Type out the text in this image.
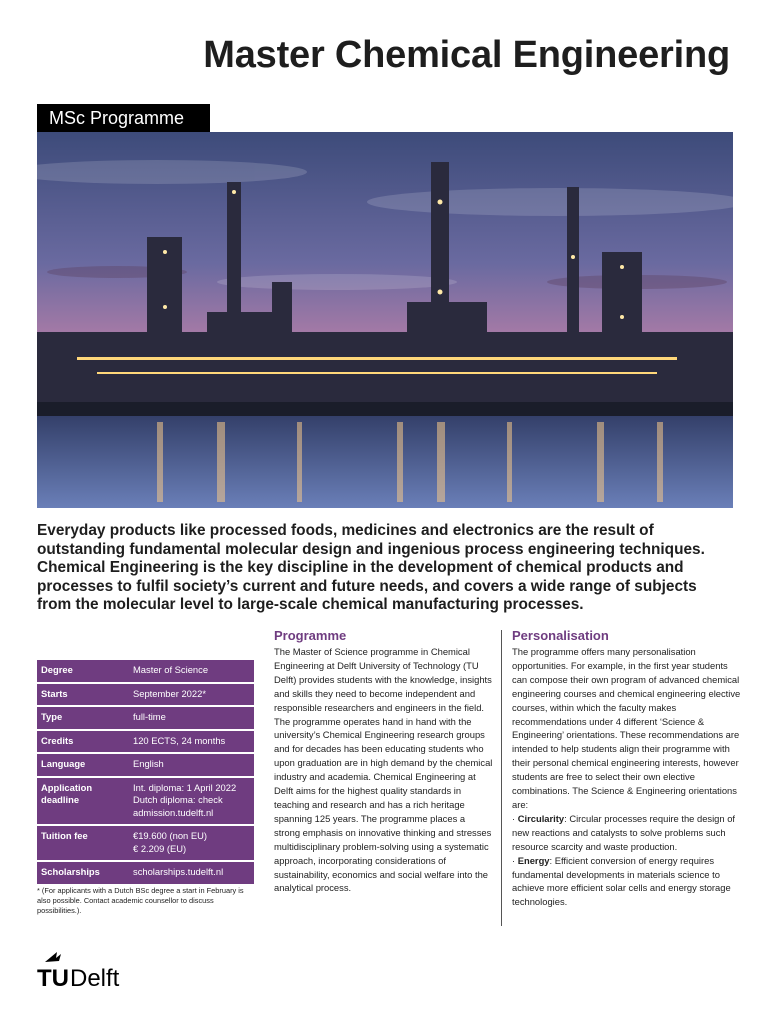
Master Chemical Engineering
MSc Programme

Everyday products like processed foods, medicines and electronics are the result of outstanding fundamental molecular design and ingenious process engineering techniques. Chemical Engineering is the key discipline in the development of chemical products and processes to fulfil society’s current and future needs, and covers a wide range of subjects from the molecular level to large-scale chemical manufacturing processes.

Degree	Master of Science
Starts	September 2022*
Type	full-time
Credits	120 ECTS, 24 months
Language	English
Application deadline	Int. diploma: 1 April 2022
Dutch diploma: check admission.tudelft.nl
Tuition fee	€19.600 (non EU)
€ 2.209 (EU)
Scholarships	scholarships.tudelft.nl

* (For applicants with a Dutch BSc degree a start in February is also possible. Contact academic counsellor to discuss possibilities.).

Programme
The Master of Science programme in Chemical Engineering at Delft University of Technology (TU Delft) provides students with the knowledge, insights and skills they need to become independent and responsible researchers and engineers in the field.
The programme operates hand in hand with the university’s Chemical Engineering research groups and for decades has been educating students who upon graduation are in high demand by the chemical industry and academia. Chemical Engineering at Delft aims for the highest quality standards in teaching and research and has a rich heritage spanning 125 years. The programme places a strong emphasis on innovative thinking and stresses multidisciplinary problem-solving using a systematic approach, incorporating considerations of sustainability, economics and social welfare into the analytical process.
Personalisation
The programme offers many personalisation opportunities. For example, in the first year students can compose their own program of advanced chemical engineering courses and chemical engineering elective courses, within which the faculty makes recommendations under 4 different ‘Science & Engineering’ orientations. These recommendations are intended to help students align their programme with their personal chemical engineering interests, however students are free to select their own elective combinations. The Science & Engineering orientations are:
· Circularity: Circular processes require the design of new reactions and catalysts to solve problems such resource scarcity and waste production.
· Energy: Efficient conversion of energy requires fundamental developments in materials science to achieve more efficient solar cells and energy storage technologies.
TU Delft
